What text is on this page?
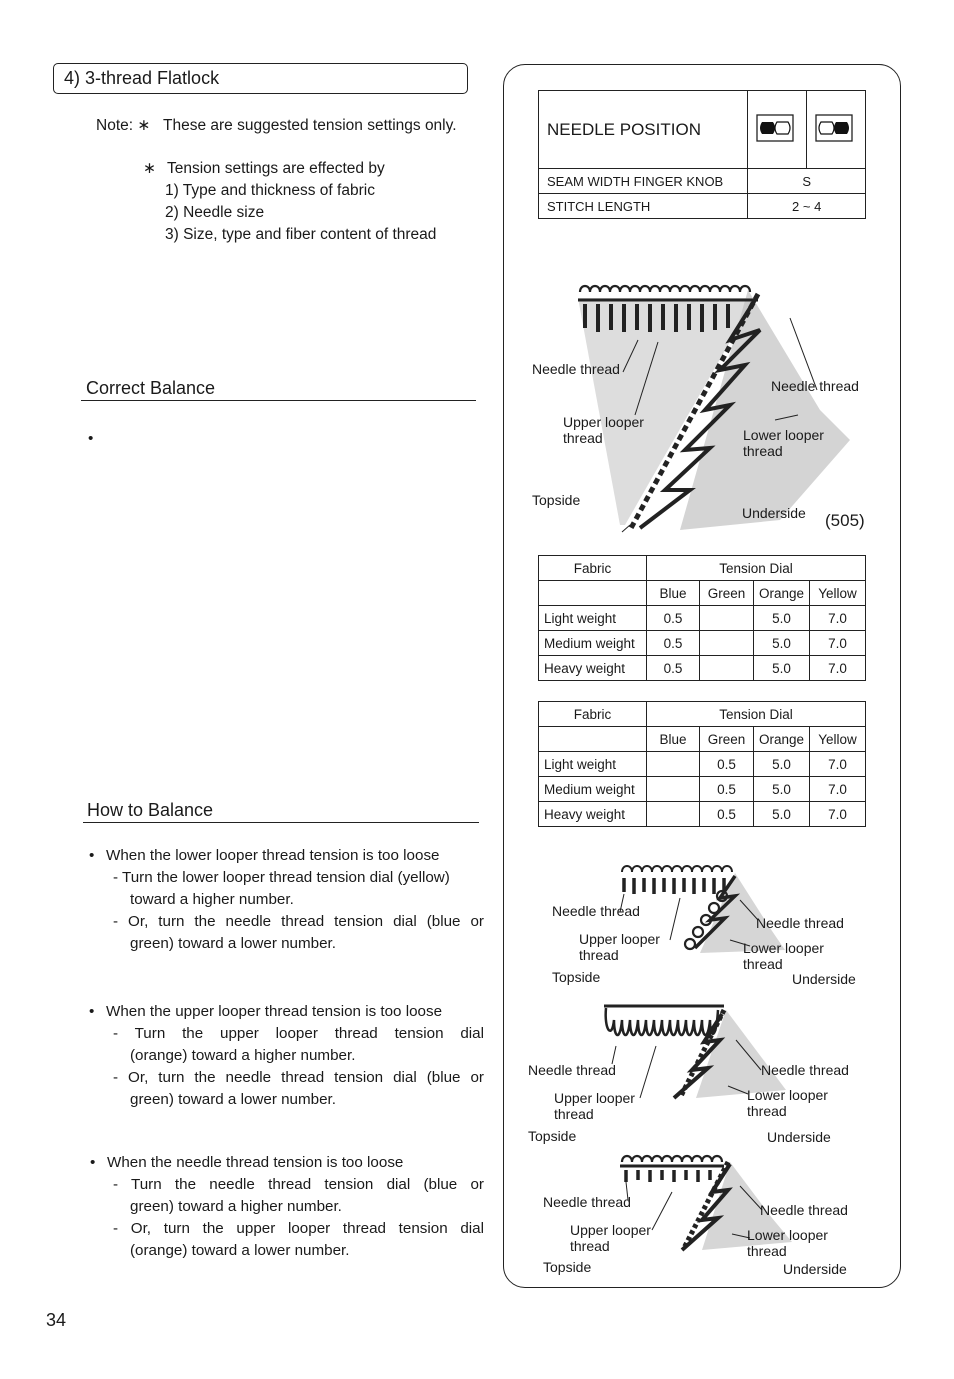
4) 3-thread Flatlock
Note: ∗ These are suggested tension settings only.
∗ Tension settings are effected by
1) Type and thickness of fabric
2) Needle size
3) Size, type and fiber content of thread
Correct Balance
•
How to Balance
• When the lower looper thread tension is too loose
- Turn the lower looper thread tension dial (yellow)
toward a higher number.
- Or, turn the needle thread tension dial (blue or
green) toward a lower number.
• When the upper looper thread tension is too loose
- Turn the upper looper thread tension dial
(orange) toward a higher number.
- Or, turn the needle thread tension dial (blue or
green) toward a lower number.
• When the needle thread tension is too loose
- Turn the needle thread tension dial (blue or
green) toward a higher number.
- Or, turn the upper looper thread tension dial
(orange) toward a lower number.
34
NEEDLE POSITION		
SEAM WIDTH FINGER KNOB	S	
STITCH LENGTH	2 ~ 4	
Needle thread
Needle thread
Upper looper
thread	Lower looper
thread
Topside
Underside (505)
Fabric	Tension Dial			
	Blue	Green	Orange	Yellow
Light weight	0.5		5.0	7.0
Medium weight	0.5		5.0	7.0
Heavy weight	0.5		5.0	7.0
Fabric	Tension Dial			
	Blue	Green	Orange	Yellow
Light weight		0.5	5.0	7.0
Medium weight		0.5	5.0	7.0
Heavy weight		0.5	5.0	7.0
Needle thread
Needle thread
Upper looper
thread	Lower looper
thread
Topside	Underside
Needle thread	Needle thread
Upper looper
thread
Lower looper
thread
Topside	Underside
Needle thread	Needle thread
Upper looper
thread
Lower looper
thread
Topside	Underside
